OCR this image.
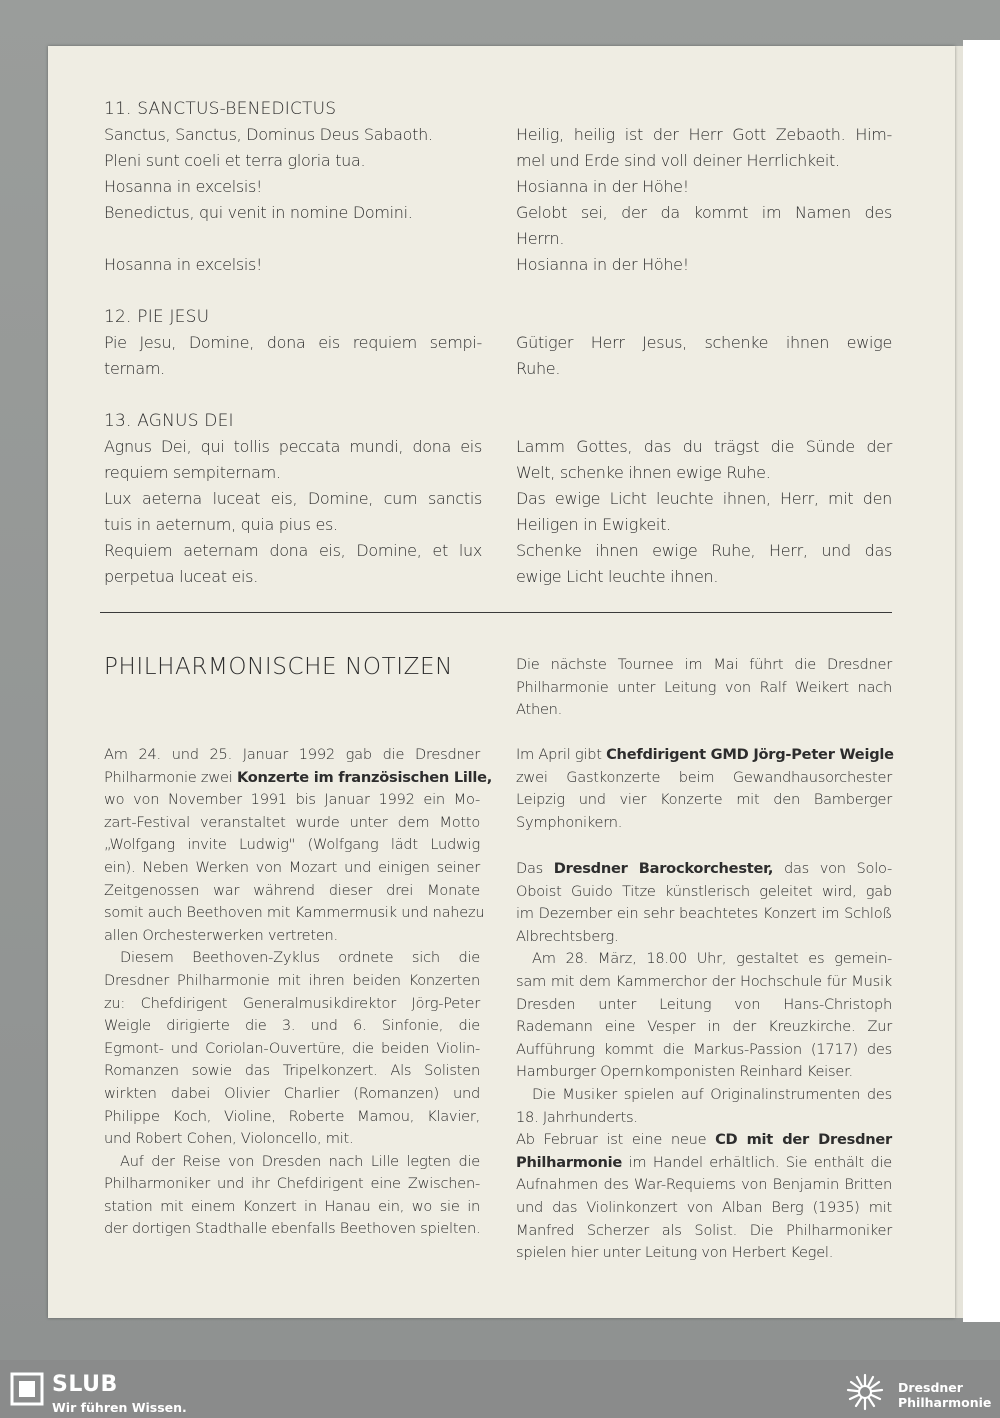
11. SANCTUS-BENEDICTUS
Sanctus, Sanctus, Dominus Deus Sabaoth.
Pleni sunt coeli et terra gloria tua.
Hosanna in excelsis!
Benedictus, qui venit in nomine Domini.

Hosanna in excelsis!
Heilig, heilig ist der Herr Gott Zebaoth. Him-
mel und Erde sind voll deiner Herrlichkeit.
Hosianna in der Höhe!
Gelobt sei, der da kommt im Namen des
Herrn.
Hosianna in der Höhe!
12. PIE JESU
Pie Jesu, Domine, dona eis requiem sempi-
ternam.
Gütiger Herr Jesus, schenke ihnen ewige
Ruhe.
13. AGNUS DEI
Agnus Dei, qui tollis peccata mundi, dona eis
requiem sempiternam.
Lux aeterna luceat eis, Domine, cum sanctis
tuis in aeternum, quia pius es.
Requiem aeternam dona eis, Domine, et lux
perpetua luceat eis.
Lamm Gottes, das du trägst die Sünde der
Welt, schenke ihnen ewige Ruhe.
Das ewige Licht leuchte ihnen, Herr, mit den
Heiligen in Ewigkeit.
Schenke ihnen ewige Ruhe, Herr, und das
ewige Licht leuchte ihnen.
PHILHARMONISCHE NOTIZEN
Am 24. und 25. Januar 1992 gab die Dresdner
Philharmonie zwei Konzerte im französischen Lille,
wo von November 1991 bis Januar 1992 ein Mo-
zart-Festival veranstaltet wurde unter dem Motto
„Wolfgang invite Ludwig" (Wolfgang lädt Ludwig
ein). Neben Werken von Mozart und einigen seiner
Zeitgenossen war während dieser drei Monate
somit auch Beethoven mit Kammermusik und nahezu
allen Orchesterwerken vertreten.
Diesem Beethoven-Zyklus ordnete sich die
Dresdner Philharmonie mit ihren beiden Konzerten
zu: Chefdirigent Generalmusikdirektor Jörg-Peter
Weigle dirigierte die 3. und 6. Sinfonie, die
Egmont- und Coriolan-Ouvertüre, die beiden Violin-
Romanzen sowie das Tripelkonzert. Als Solisten
wirkten dabei Olivier Charlier (Romanzen) und
Philippe Koch, Violine, Roberte Mamou, Klavier,
und Robert Cohen, Violoncello, mit.
Auf der Reise von Dresden nach Lille legten die
Philharmoniker und ihr Chefdirigent eine Zwischen-
station mit einem Konzert in Hanau ein, wo sie in
der dortigen Stadthalle ebenfalls Beethoven spielten.
Die nächste Tournee im Mai führt die Dresdner
Philharmonie unter Leitung von Ralf Weikert nach
Athen.
Im April gibt Chefdirigent GMD Jörg-Peter Weigle
zwei Gastkonzerte beim Gewandhausorchester
Leipzig und vier Konzerte mit den Bamberger
Symphonikern.
Das Dresdner Barockorchester, das von Solo-
Oboist Guido Titze künstlerisch geleitet wird, gab
im Dezember ein sehr beachtetes Konzert im Schloß
Albrechtsberg.
Am 28. März, 18.00 Uhr, gestaltet es gemein-
sam mit dem Kammerchor der Hochschule für Musik
Dresden unter Leitung von Hans-Christoph
Rademann eine Vesper in der Kreuzkirche. Zur
Aufführung kommt die Markus-Passion (1717) des
Hamburger Opernkomponisten Reinhard Keiser.
Die Musiker spielen auf Originalinstrumenten des
18. Jahrhunderts.
Ab Februar ist eine neue CD mit der Dresdner
Philharmonie im Handel erhältlich. Sie enthält die
Aufnahmen des War-Requiems von Benjamin Britten
und das Violinkonzert von Alban Berg (1935) mit
Manfred Scherzer als Solist. Die Philharmoniker
spielen hier unter Leitung von Herbert Kegel.
SLUB
Wir führen Wissen.
Dresdner
Philharmonie
